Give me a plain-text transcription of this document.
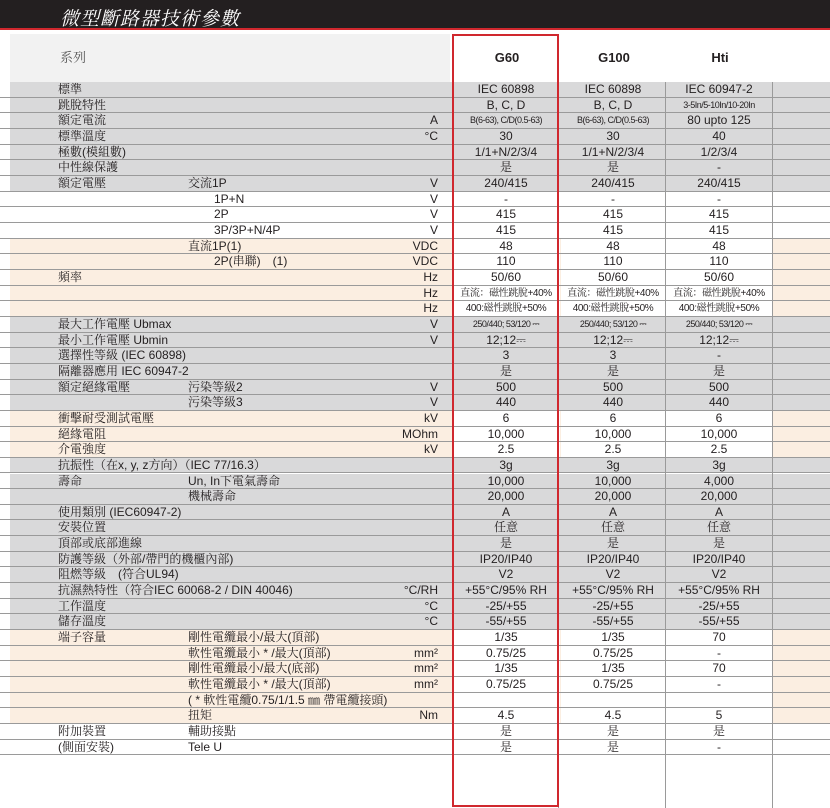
微型斷路器技術參數
系列	G60	G100	Hti
標準	IEC 60898	IEC 60898	IEC 60947-2
跳脫特性	B, C, D	B, C, D	3-5In/5-10In/10-20In
額定電流	A	B(6-63), C/D(0.5-63)	B(6-63), C/D(0.5-63)	80 upto 125
標準溫度	°C	30	30	40
極數(模組數)	1/1+N/2/3/4	1/1+N/2/3/4	1/2/3/4
中性線保護	是	是	-
額定電壓	交流1P	V	240/415	240/415	240/415
1P+N	V	-	-	-
2P	V	415	415	415
3P/3P+N/4P	V	415	415	415
直流1P(1)	VDC	48	48	48
2P(串聯)　(1)	VDC	110	110	110
頻率	Hz	50/60	50/60	50/60
Hz	直流：磁性跳脫+40%	直流：磁性跳脫+40%	直流：磁性跳脫+40%
Hz	400:磁性跳脫+50%	400:磁性跳脫+50%	400:磁性跳脫+50%
最大工作電壓 Ubmax	V	250/440; 53/120 ⎓	250/440; 53/120 ⎓	250/440; 53/120 ⎓
最小工作電壓 Ubmin	V	12;12⎓	12;12⎓	12;12⎓
選擇性等級 (IEC 60898)	3	3	-
隔離器應用 IEC 60947-2	是	是	是
額定絕緣電壓	污染等級2	V	500	500	500
污染等級3	V	440	440	440
衝擊耐受測試電壓	kV	6	6	6
絕緣電阻	MOhm	10,000	10,000	10,000
介電強度	kV	2.5	2.5	2.5
抗振性（在x, y, z方向）（IEC 77/16.3）	3g	3g	3g
壽命	Un, In下電氣壽命	10,000	10,000	4,000
機械壽命	20,000	20,000	20,000
使用類別 (IEC60947-2)	A	A	A
安裝位置	任意	任意	任意
頂部或底部進線	是	是	是
防護等級（外部/帶門的機櫃內部)	IP20/IP40	IP20/IP40	IP20/IP40
阻燃等級　(符合UL94)	V2	V2	V2
抗濕熱特性（符合IEC 60068-2 / DIN 40046)	°C/RH	+55°C/95% RH	+55°C/95% RH	+55°C/95% RH
工作溫度	°C	-25/+55	-25/+55	-25/+55
儲存溫度	°C	-55/+55	-55/+55	-55/+55
端子容量	剛性電纜最小/最大(頂部)	1/35	1/35	70
軟性電纜最小 * /最大(頂部)	mm²	0.75/25	0.75/25	-
剛性電纜最小/最大(底部)	mm²	1/35	1/35	70
軟性電纜最小 * /最大(頂部)	mm²	0.75/25	0.75/25	-
( * 軟性電纜0.75/1/1.5 ㎜ 帶電纜接頭)
扭矩	Nm	4.5	4.5	5
附加裝置	輔助接點	是	是	是
(側面安裝)	Tele U	是	是	-
